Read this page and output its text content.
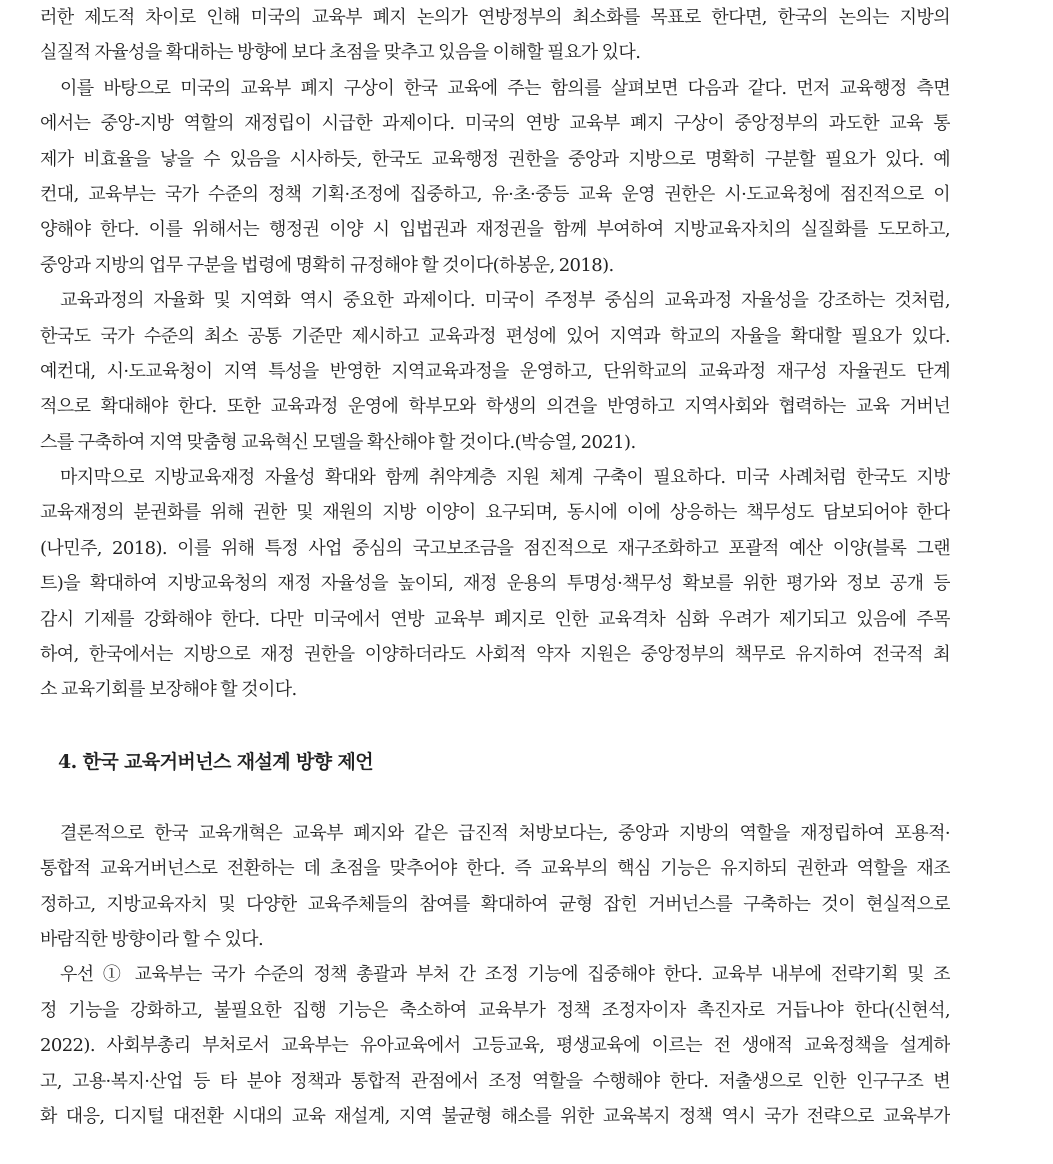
러한 제도적 차이로 인해 미국의 교육부 폐지 논의가 연방정부의 최소화를 목표로 한다면, 한국의 논의는 지방의
실질적 자율성을 확대하는 방향에 보다 초점을 맞추고 있음을 이해할 필요가 있다.
이를 바탕으로 미국의 교육부 폐지 구상이 한국 교육에 주는 함의를 살펴보면 다음과 같다. 먼저 교육행정 측면
에서는 중앙-지방 역할의 재정립이 시급한 과제이다. 미국의 연방 교육부 폐지 구상이 중앙정부의 과도한 교육 통
제가 비효율을 낳을 수 있음을 시사하듯, 한국도 교육행정 권한을 중앙과 지방으로 명확히 구분할 필요가 있다. 예
컨대, 교육부는 국가 수준의 정책 기획·조정에 집중하고, 유·초·중등 교육 운영 권한은 시·도교육청에 점진적으로 이
양해야 한다. 이를 위해서는 행정권 이양 시 입법권과 재정권을 함께 부여하여 지방교육자치의 실질화를 도모하고,
중앙과 지방의 업무 구분을 법령에 명확히 규정해야 할 것이다(하봉운, 2018).
교육과정의 자율화 및 지역화 역시 중요한 과제이다. 미국이 주정부 중심의 교육과정 자율성을 강조하는 것처럼,
한국도 국가 수준의 최소 공통 기준만 제시하고 교육과정 편성에 있어 지역과 학교의 자율을 확대할 필요가 있다.
예컨대, 시·도교육청이 지역 특성을 반영한 지역교육과정을 운영하고, 단위학교의 교육과정 재구성 자율권도 단계
적으로 확대해야 한다. 또한 교육과정 운영에 학부모와 학생의 의견을 반영하고 지역사회와 협력하는 교육 거버넌
스를 구축하여 지역 맞춤형 교육혁신 모델을 확산해야 할 것이다.(박승열, 2021).
마지막으로 지방교육재정 자율성 확대와 함께 취약계층 지원 체계 구축이 필요하다. 미국 사례처럼 한국도 지방
교육재정의 분권화를 위해 권한 및 재원의 지방 이양이 요구되며, 동시에 이에 상응하는 책무성도 담보되어야 한다
(나민주, 2018). 이를 위해 특정 사업 중심의 국고보조금을 점진적으로 재구조화하고 포괄적 예산 이양(블록 그랜
트)을 확대하여 지방교육청의 재정 자율성을 높이되, 재정 운용의 투명성·책무성 확보를 위한 평가와 정보 공개 등
감시 기제를 강화해야 한다. 다만 미국에서 연방 교육부 폐지로 인한 교육격차 심화 우려가 제기되고 있음에 주목
하여, 한국에서는 지방으로 재정 권한을 이양하더라도 사회적 약자 지원은 중앙정부의 책무로 유지하여 전국적 최
소 교육기회를 보장해야 할 것이다.
4. 한국 교육거버넌스 재설계 방향 제언
결론적으로 한국 교육개혁은 교육부 폐지와 같은 급진적 처방보다는, 중앙과 지방의 역할을 재정립하여 포용적·
통합적 교육거버넌스로 전환하는 데 초점을 맞추어야 한다. 즉 교육부의 핵심 기능은 유지하되 권한과 역할을 재조
정하고, 지방교육자치 및 다양한 교육주체들의 참여를 확대하여 균형 잡힌 거버넌스를 구축하는 것이 현실적으로
바람직한 방향이라 할 수 있다.
우선 ① 교육부는 국가 수준의 정책 총괄과 부처 간 조정 기능에 집중해야 한다. 교육부 내부에 전략기획 및 조
정 기능을 강화하고, 불필요한 집행 기능은 축소하여 교육부가 정책 조정자이자 촉진자로 거듭나야 한다(신현석,
2022). 사회부총리 부처로서 교육부는 유아교육에서 고등교육, 평생교육에 이르는 전 생애적 교육정책을 설계하
고, 고용·복지·산업 등 타 분야 정책과 통합적 관점에서 조정 역할을 수행해야 한다. 저출생으로 인한 인구구조 변
화 대응, 디지털 대전환 시대의 교육 재설계, 지역 불균형 해소를 위한 교육복지 정책 역시 국가 전략으로 교육부가
